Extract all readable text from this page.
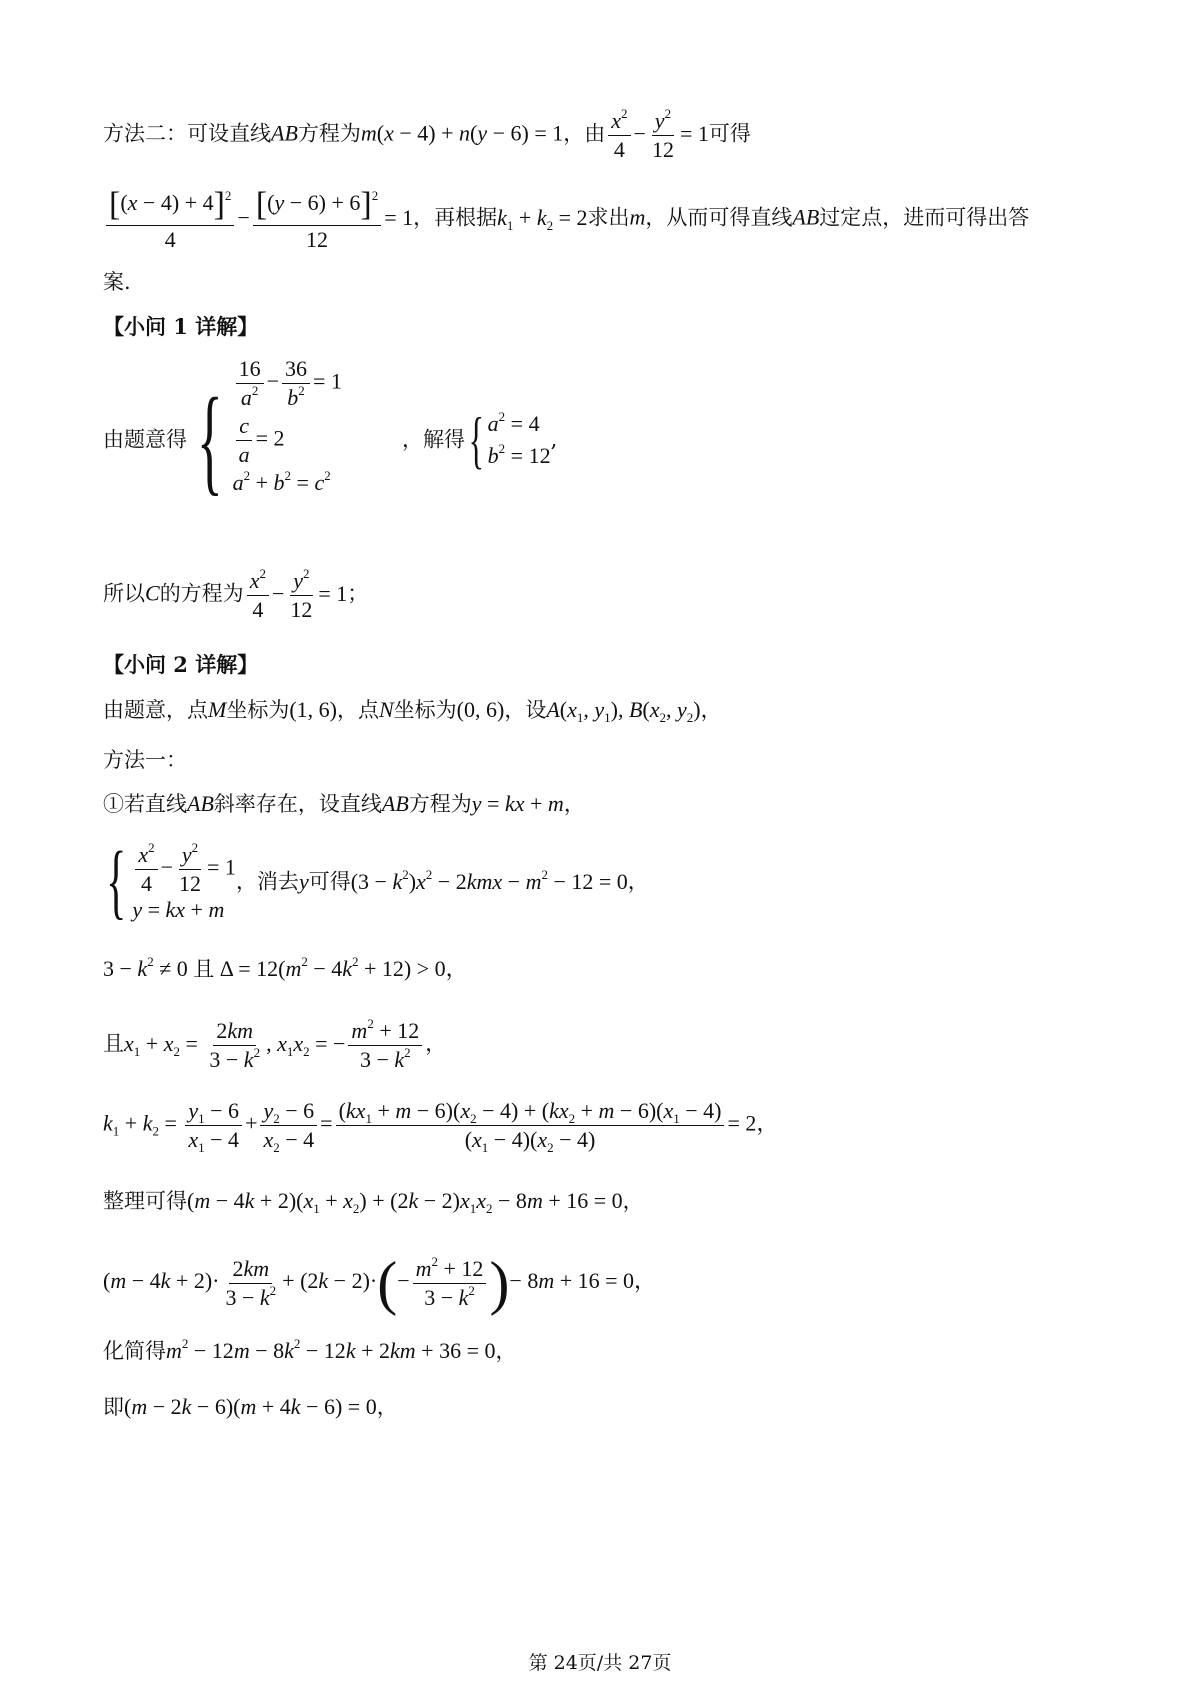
方法二：可设直线AB方程为m(x − 4) + n(y − 6) = 1，由 $\frac{x^2}{4} - \frac{y^2}{12} = 1$可得
$\frac{[(x - 4) + 4]^2}{4} - \frac{[(y - 6) + 6]^2}{12} = 1$，再根据$k_1 + k_2 = 2$求出m，从而可得直线AB过定点，进而可得出答
案.
【小问 1 详解】
由题意得 { $\frac{16}{a^2} - \frac{36}{b^2} = 1$
$\frac{c}{a} = 2$
$a^2 + b^2 = c^2$
，解得 { $a^2 = 4$
$b^2 = 12$
,
所以C的方程为 $\frac{x^2}{4} - \frac{y^2}{12} = 1$；
【小问 2 详解】
由题意，点M坐标为(1, 6)，点N坐标为(0, 6)，设$A(x_1$, $y_1$), $B(x_2$, $y_2$)，
方法一：
①若直线AB斜率存在，设直线AB方程为y = kx + m，
{ $\frac{x^2}{4} - \frac{y^2}{12} = 1$
y = kx + m
，消去y可得$(3 - k^2)x^2 - 2kmx - m^2 - 12 = 0$，
$3 - k^2 \ne 0$ 且 $\Delta = 12(m^2 - 4k^2 + 12) > 0$，
且$x_1 + x_2 = \frac{2km}{3 - k^2}$ , $x_1x_2$ = − $\frac{m^2 + 12}{3 - k^2}$ ，
$k_1 + k_2 = \frac{y_1 - 6}{x_1 - 4} + \frac{y_2 - 6}{x_2 - 4} = \frac{(kx_1 + m - 6)(x_2 - 4) + (kx_2 + m - 6)(x_1 - 4)}{(x_1 - 4)(x_2 - 4)} = 2$，
整理可得$(m - 4k + 2)(x_1 + x_2) + (2k - 2)x_1x_2 - 8m + 16 = 0$，
$(m - 4k + 2)\cdot \frac{2km}{3 - k^2} + (2k - 2)\cdot(- \frac{m^2 + 12}{3 - k^2}$ )− 8m + 16 = 0，
化简得$m^2 - 12m - 8k^2 - 12k + 2km + 36 = 0$，
即(m − 2k − 6)(m + 4k − 6) = 0，
第 24页/共 27页
